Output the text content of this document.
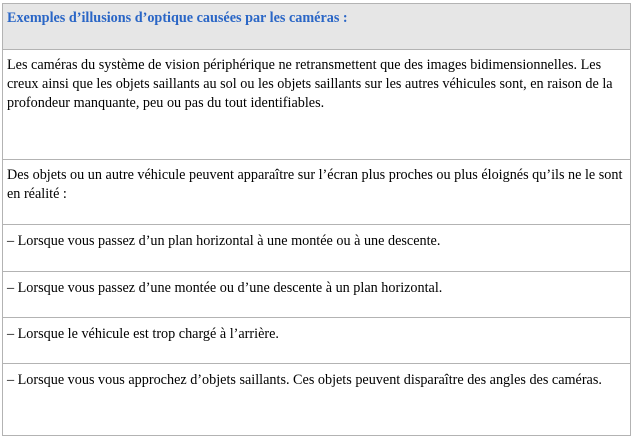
Exemples d’illusions d’optique causées par les caméras :
Les caméras du système de vision périphérique ne retransmettent que des images bidimensionnelles. Les creux ainsi que les objets saillants au sol ou les objets saillants sur les autres véhicules sont, en raison de la profondeur manquante, peu ou pas du tout identifiables.
Des objets ou un autre véhicule peuvent apparaître sur l’écran plus proches ou plus éloignés qu’ils ne le sont en réalité :
– Lorsque vous passez d’un plan horizontal à une montée ou à une descente.
– Lorsque vous passez d’une montée ou d’une descente à un plan horizontal.
– Lorsque le véhicule est trop chargé à l’arrière.
– Lorsque vous vous approchez d’objets saillants. Ces objets peuvent disparaître des angles des caméras.
